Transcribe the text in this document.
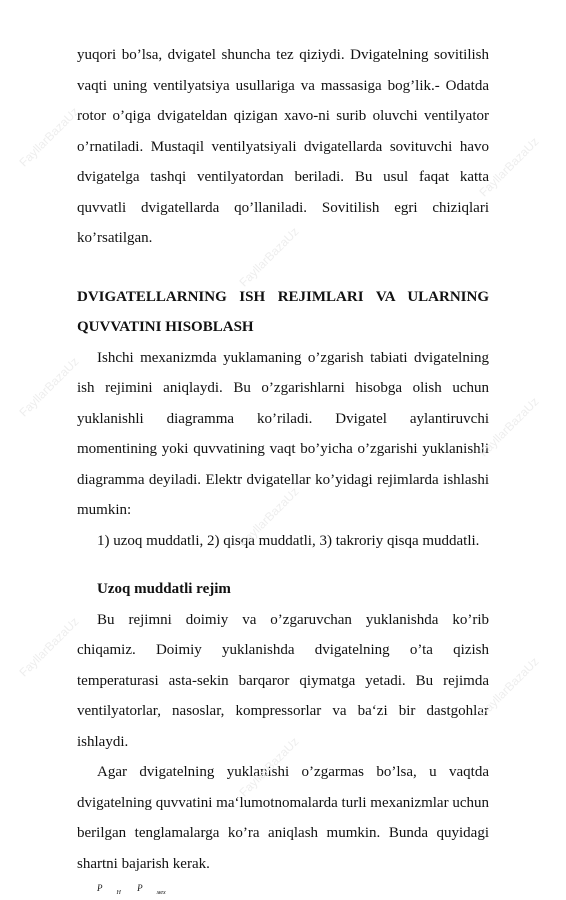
yuqori bo’lsa, dvigatel shuncha tez qiziydi. Dvigatelning sovitilish vaqti uning ventilyatsiya usullariga va massasiga bog’lik.- Odatda rotor o’qiga dvigateldan qizigan xavo-ni surib oluvchi ventilyator o’rnatiladi. Mustaqil ventilyatsiyali dvigatellarda sovituvchi havo dvigatelga tashqi ventilyatordan beriladi. Bu usul faqat katta quvvatli dvigatellarda qo’llaniladi. Sovitilish egri chiziqlari ko’rsatilgan.

DVIGATELLARNING ISH REJIMLARI VA ULARNING
QUVVATINI HISOBLASH

Ishchi mexanizmda yuklamaning o’zgarish tabiati dvigatelning ish rejimini aniqlaydi. Bu o’zgarishlarni hisobga olish uchun yuklanishli diagramma ko’riladi. Dvigatel aylantiruvchi momentining yoki quvvatining vaqt bo’yicha o’zgarishi yuklanishli diagramma deyiladi. Elektr dvigatellar ko’yidagi rejimlarda ishlashi mumkin:

1) uzoq muddatli, 2) qisqa muddatli, 3) takroriy qisqa muddatli.

Uzoq muddatli rejim

Bu rejimni doimiy va o’zgaruvchan yuklanishda ko’rib chiqamiz. Doimiy yuklanishda dvigatelning o’ta qizish temperaturasi asta-sekin barqaror qiymatga yetadi. Bu rejimda ventilyatorlar, nasoslar, kompressorlar va ba‘zi bir dastgohlar ishlaydi.

Agar dvigatelning yuklanishi o’zgarmas bo’lsa, u vaqtda dvigatelning quvvatini ma‘lumotnomalarda turli mexanizmlar uchun berilgan tenglamalarga ko’ra aniqlash mumkin. Bunda quyidagi shartni bajarish kerak.

P $_H$ P $_{мех}$
FayllarBazaUz	FayllarBazaUz
FayllarBazaUz
FayllarBazaUz
FayllarBazaUz
FayllarBazaUz
FayllarBazaUz
FayllarBazaUz
FayllarBazaUz
